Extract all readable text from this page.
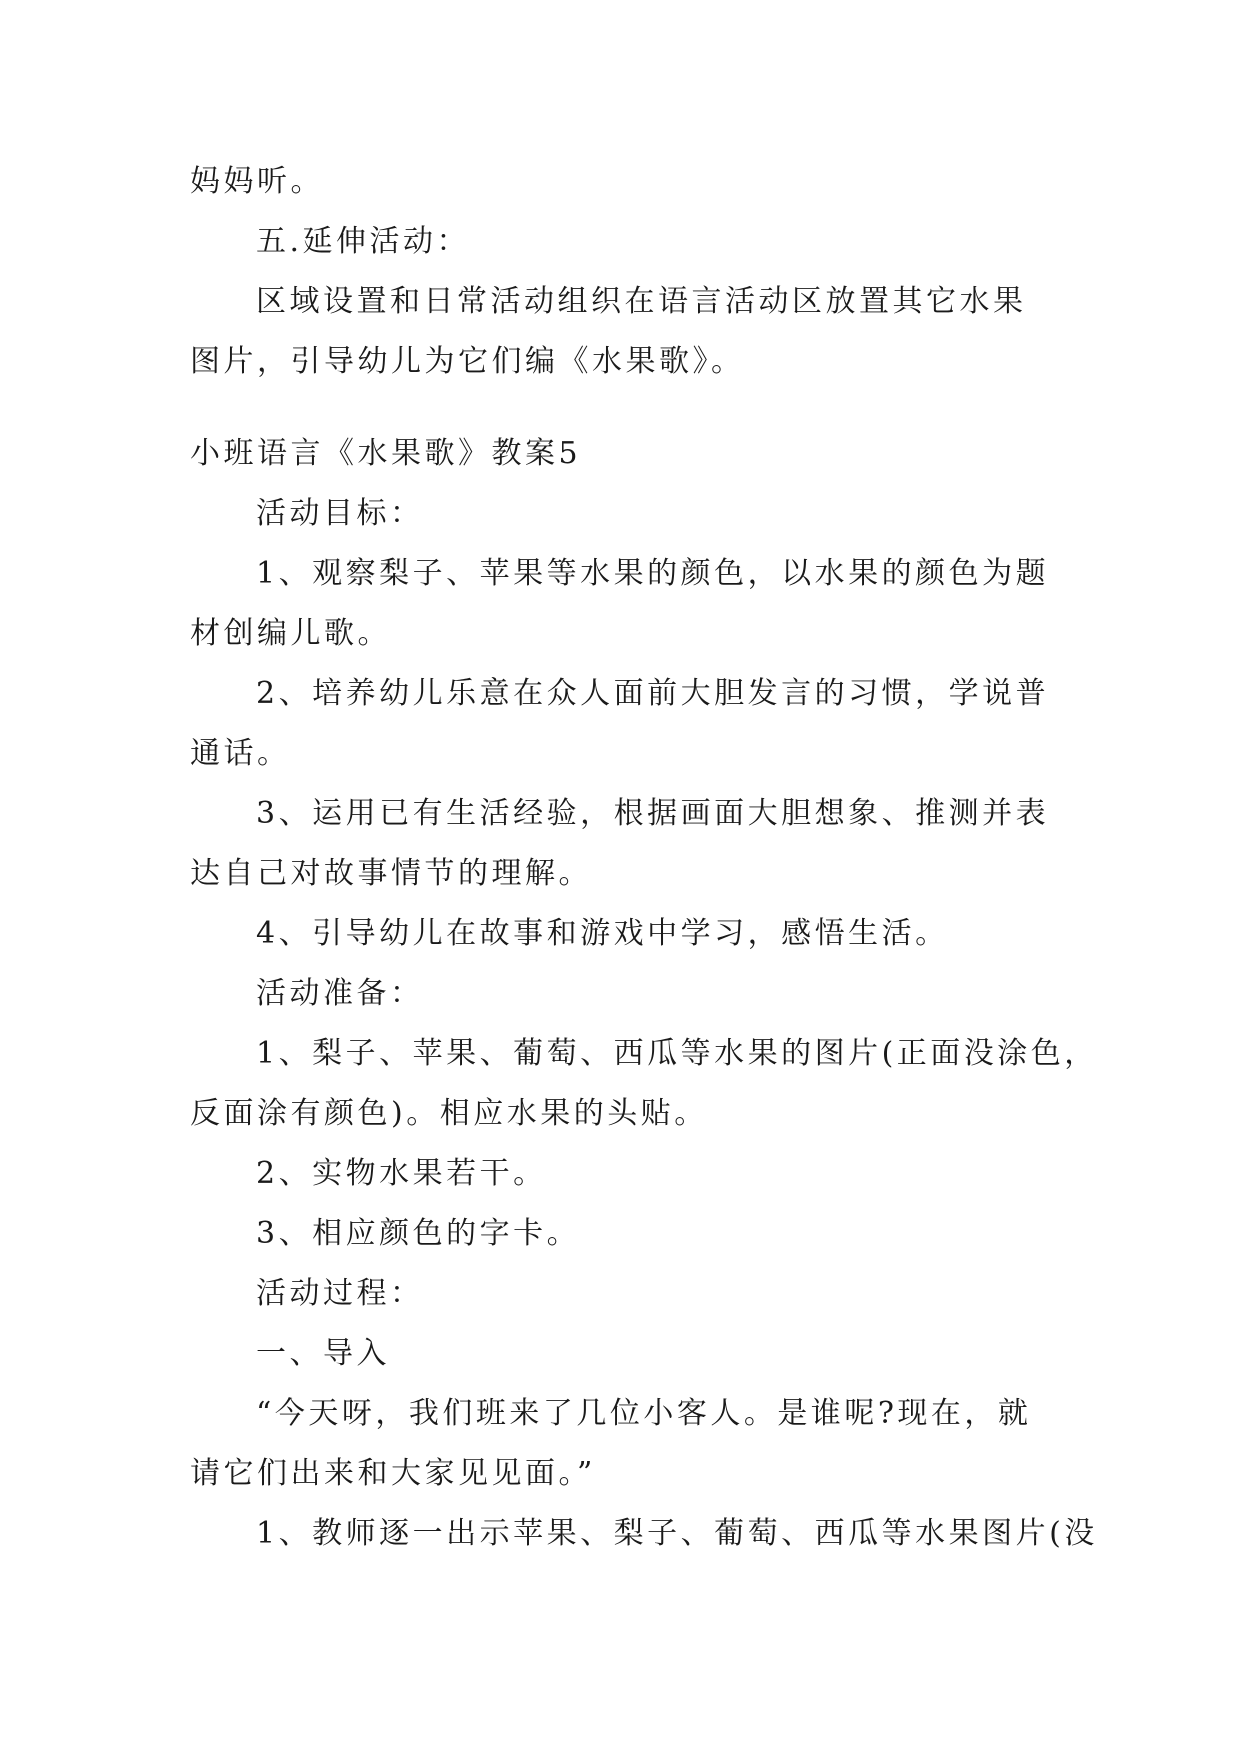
妈妈听。
五.延伸活动：
区域设置和日常活动组织在语言活动区放置其它水果
图片，引导幼儿为它们编《水果歌》。
小班语言《水果歌》教案5
活动目标：
1、观察梨子、苹果等水果的颜色，以水果的颜色为题
材创编儿歌。
2、培养幼儿乐意在众人面前大胆发言的习惯，学说普
通话。
3、运用已有生活经验，根据画面大胆想象、推测并表
达自己对故事情节的理解。
4、引导幼儿在故事和游戏中学习，感悟生活。
活动准备：
1、梨子、苹果、葡萄、西瓜等水果的图片(正面没涂色，
反面涂有颜色)。相应水果的头贴。
2、实物水果若干。
3、相应颜色的字卡。
活动过程：
一、导入
“今天呀，我们班来了几位小客人。是谁呢?现在，就
请它们出来和大家见见面。”
1、教师逐一出示苹果、梨子、葡萄、西瓜等水果图片(没
